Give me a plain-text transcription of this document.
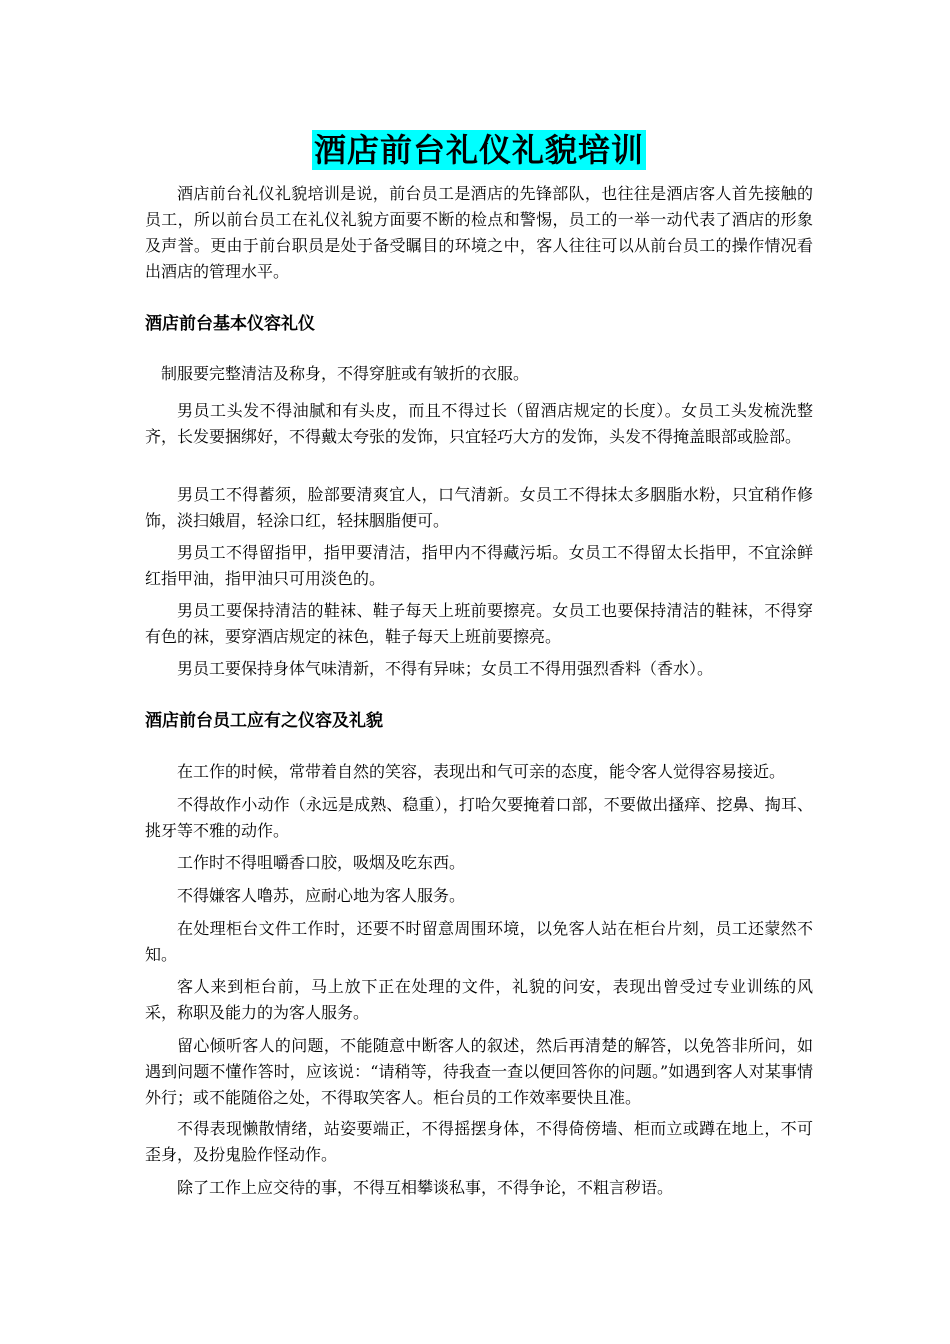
酒店前台礼仪礼貌培训

酒店前台礼仪礼貌培训是说，前台员工是酒店的先锋部队，也往往是酒店客人首先接触的员工，所以前台员工在礼仪礼貌方面要不断的检点和警惕，员工的一举一动代表了酒店的形象及声誉。更由于前台职员是处于备受瞩目的环境之中，客人往往可以从前台员工的操作情况看出酒店的管理水平。

酒店前台基本仪容礼仪

制服要完整清洁及称身，不得穿脏或有皱折的衣服。

男员工头发不得油腻和有头皮，而且不得过长（留酒店规定的长度）。女员工头发梳洗整齐，长发要捆绑好，不得戴太夸张的发饰，只宜轻巧大方的发饰，头发不得掩盖眼部或脸部。

男员工不得蓄须，脸部要清爽宜人，口气清新。女员工不得抹太多胭脂水粉，只宜稍作修饰，淡扫娥眉，轻涂口红，轻抹胭脂便可。

男员工不得留指甲，指甲要清洁，指甲内不得藏污垢。女员工不得留太长指甲，不宜涂鲜红指甲油，指甲油只可用淡色的。

男员工要保持清洁的鞋袜、鞋子每天上班前要擦亮。女员工也要保持清洁的鞋袜，不得穿有色的袜，要穿酒店规定的袜色，鞋子每天上班前要擦亮。

男员工要保持身体气味清新，不得有异味；女员工不得用强烈香料（香水）。

酒店前台员工应有之仪容及礼貌

在工作的时候，常带着自然的笑容，表现出和气可亲的态度，能令客人觉得容易接近。

不得故作小动作（永远是成熟、稳重），打哈欠要掩着口部，不要做出搔痒、挖鼻、掏耳、挑牙等不雅的动作。

工作时不得咀嚼香口胶，吸烟及吃东西。

不得嫌客人噜苏，应耐心地为客人服务。

在处理柜台文件工作时，还要不时留意周围环境，以免客人站在柜台片刻，员工还蒙然不知。

客人来到柜台前，马上放下正在处理的文件，礼貌的问安，表现出曾受过专业训练的风采，称职及能力的为客人服务。

留心倾听客人的问题，不能随意中断客人的叙述，然后再清楚的解答，以免答非所问，如遇到问题不懂作答时，应该说：“请稍等，待我查一查以便回答你的问题。”如遇到客人对某事情外行；或不能随俗之处，不得取笑客人。柜台员的工作效率要快且准。

不得表现懒散情绪，站姿要端正，不得摇摆身体，不得倚傍墙、柜而立或蹲在地上，不可歪身，及扮鬼脸作怪动作。

除了工作上应交待的事，不得互相攀谈私事，不得争论，不粗言秽语。
